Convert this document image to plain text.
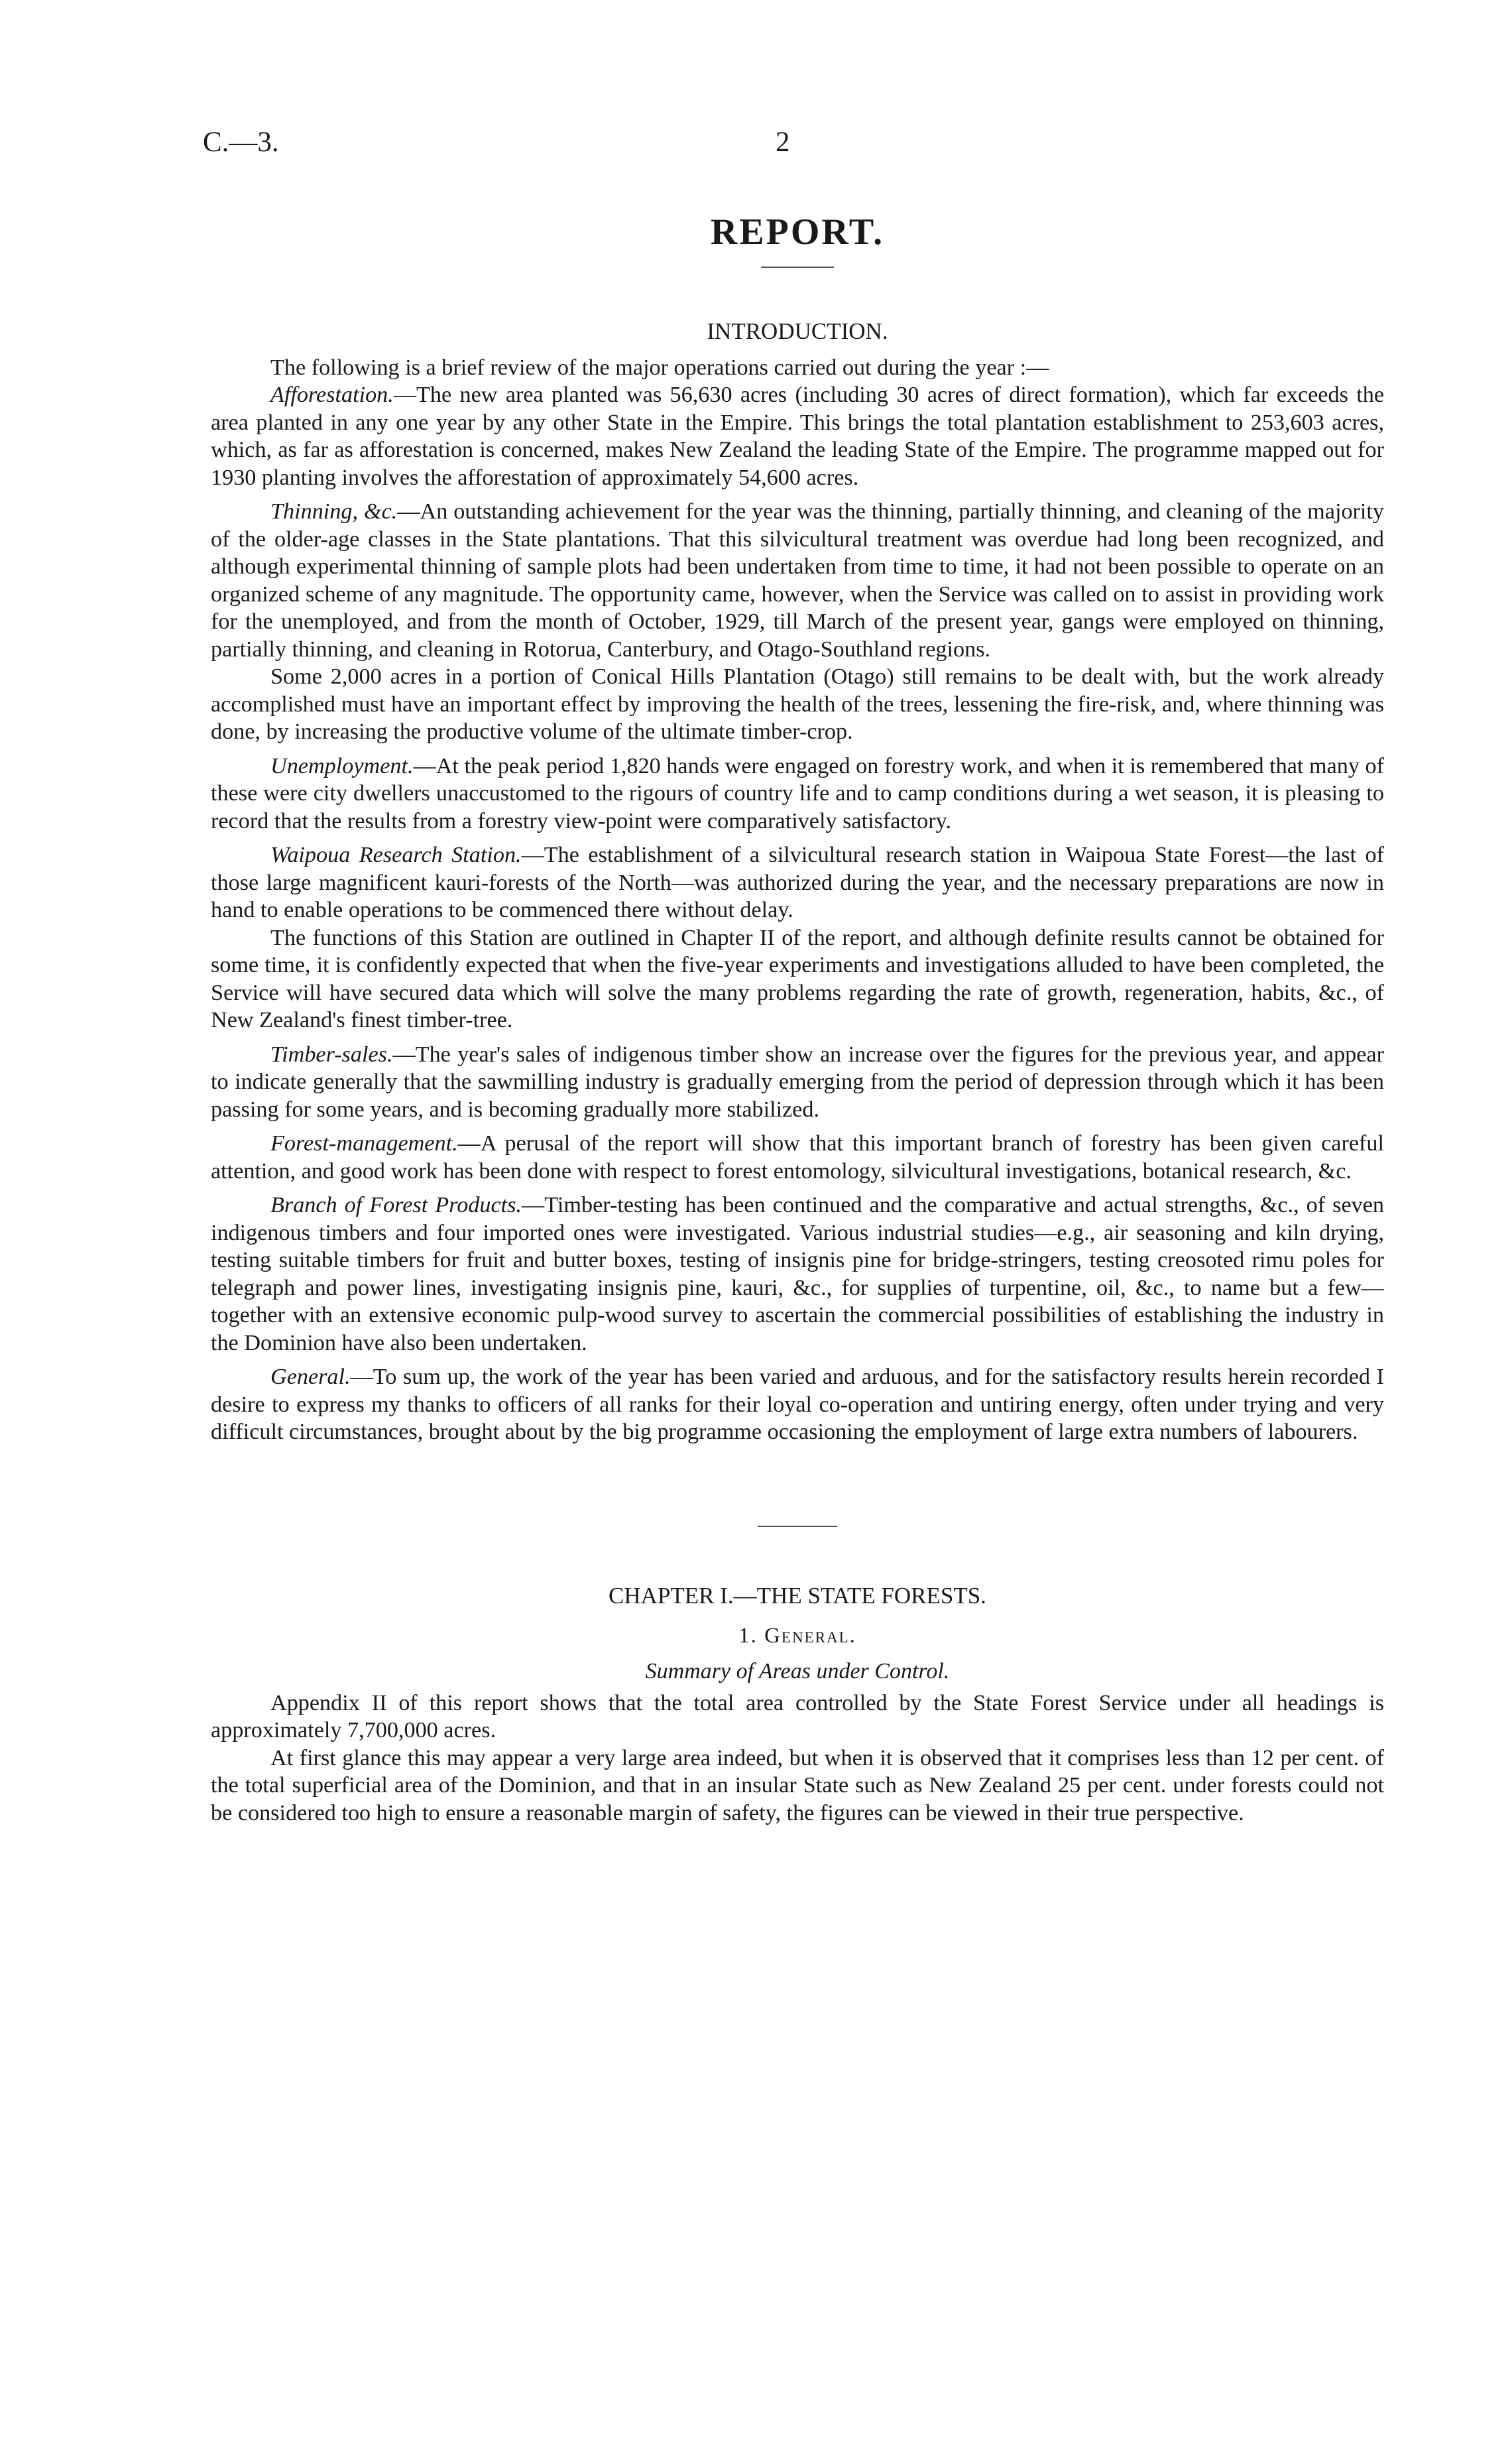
C.—3.	2
REPORT.
INTRODUCTION.

The following is a brief review of the major operations carried out during the year :—

Afforestation.—The new area planted was 56,630 acres (including 30 acres of direct formation), which far exceeds the area planted in any one year by any other State in the Empire. This brings the total plantation establishment to 253,603 acres, which, as far as afforestation is concerned, makes New Zealand the leading State of the Empire. The programme mapped out for 1930 planting involves the afforestation of approximately 54,600 acres.

Thinning, &c.—An outstanding achievement for the year was the thinning, partially thinning, and cleaning of the majority of the older-age classes in the State plantations. That this silvicultural treatment was overdue had long been recognized, and although experimental thinning of sample plots had been undertaken from time to time, it had not been possible to operate on an organized scheme of any magnitude. The opportunity came, however, when the Service was called on to assist in providing work for the unemployed, and from the month of October, 1929, till March of the present year, gangs were employed on thinning, partially thinning, and cleaning in Rotorua, Canterbury, and Otago-Southland regions.

Some 2,000 acres in a portion of Conical Hills Plantation (Otago) still remains to be dealt with, but the work already accomplished must have an important effect by improving the health of the trees, lessening the fire-risk, and, where thinning was done, by increasing the productive volume of the ultimate timber-crop.

Unemployment.—At the peak period 1,820 hands were engaged on forestry work, and when it is remembered that many of these were city dwellers unaccustomed to the rigours of country life and to camp conditions during a wet season, it is pleasing to record that the results from a forestry view-point were comparatively satisfactory.

Waipoua Research Station.—The establishment of a silvicultural research station in Waipoua State Forest—the last of those large magnificent kauri-forests of the North—was authorized during the year, and the necessary preparations are now in hand to enable operations to be commenced there without delay.

The functions of this Station are outlined in Chapter II of the report, and although definite results cannot be obtained for some time, it is confidently expected that when the five-year experiments and investigations alluded to have been completed, the Service will have secured data which will solve the many problems regarding the rate of growth, regeneration, habits, &c., of New Zealand's finest timber-tree.

Timber-sales.—The year's sales of indigenous timber show an increase over the figures for the previous year, and appear to indicate generally that the sawmilling industry is gradually emerging from the period of depression through which it has been passing for some years, and is becoming gradually more stabilized.

Forest-management.—A perusal of the report will show that this important branch of forestry has been given careful attention, and good work has been done with respect to forest entomology, silvicultural investigations, botanical research, &c.

Branch of Forest Products.—Timber-testing has been continued and the comparative and actual strengths, &c., of seven indigenous timbers and four imported ones were investigated. Various industrial studies—e.g., air seasoning and kiln drying, testing suitable timbers for fruit and butter boxes, testing of insignis pine for bridge-stringers, testing creosoted rimu poles for telegraph and power lines, investigating insignis pine, kauri, &c., for supplies of turpentine, oil, &c., to name but a few—together with an extensive economic pulp-wood survey to ascertain the commercial possibilities of establishing the industry in the Dominion have also been undertaken.

General.—To sum up, the work of the year has been varied and arduous, and for the satisfactory results herein recorded I desire to express my thanks to officers of all ranks for their loyal co-operation and untiring energy, often under trying and very difficult circumstances, brought about by the big programme occasioning the employment of large extra numbers of labourers.

CHAPTER I.—THE STATE FORESTS.
1. General.
Summary of Areas under Control.

Appendix II of this report shows that the total area controlled by the State Forest Service under all headings is approximately 7,700,000 acres.

At first glance this may appear a very large area indeed, but when it is observed that it comprises less than 12 per cent. of the total superficial area of the Dominion, and that in an insular State such as New Zealand 25 per cent. under forests could not be considered too high to ensure a reasonable margin of safety, the figures can be viewed in their true perspective.
